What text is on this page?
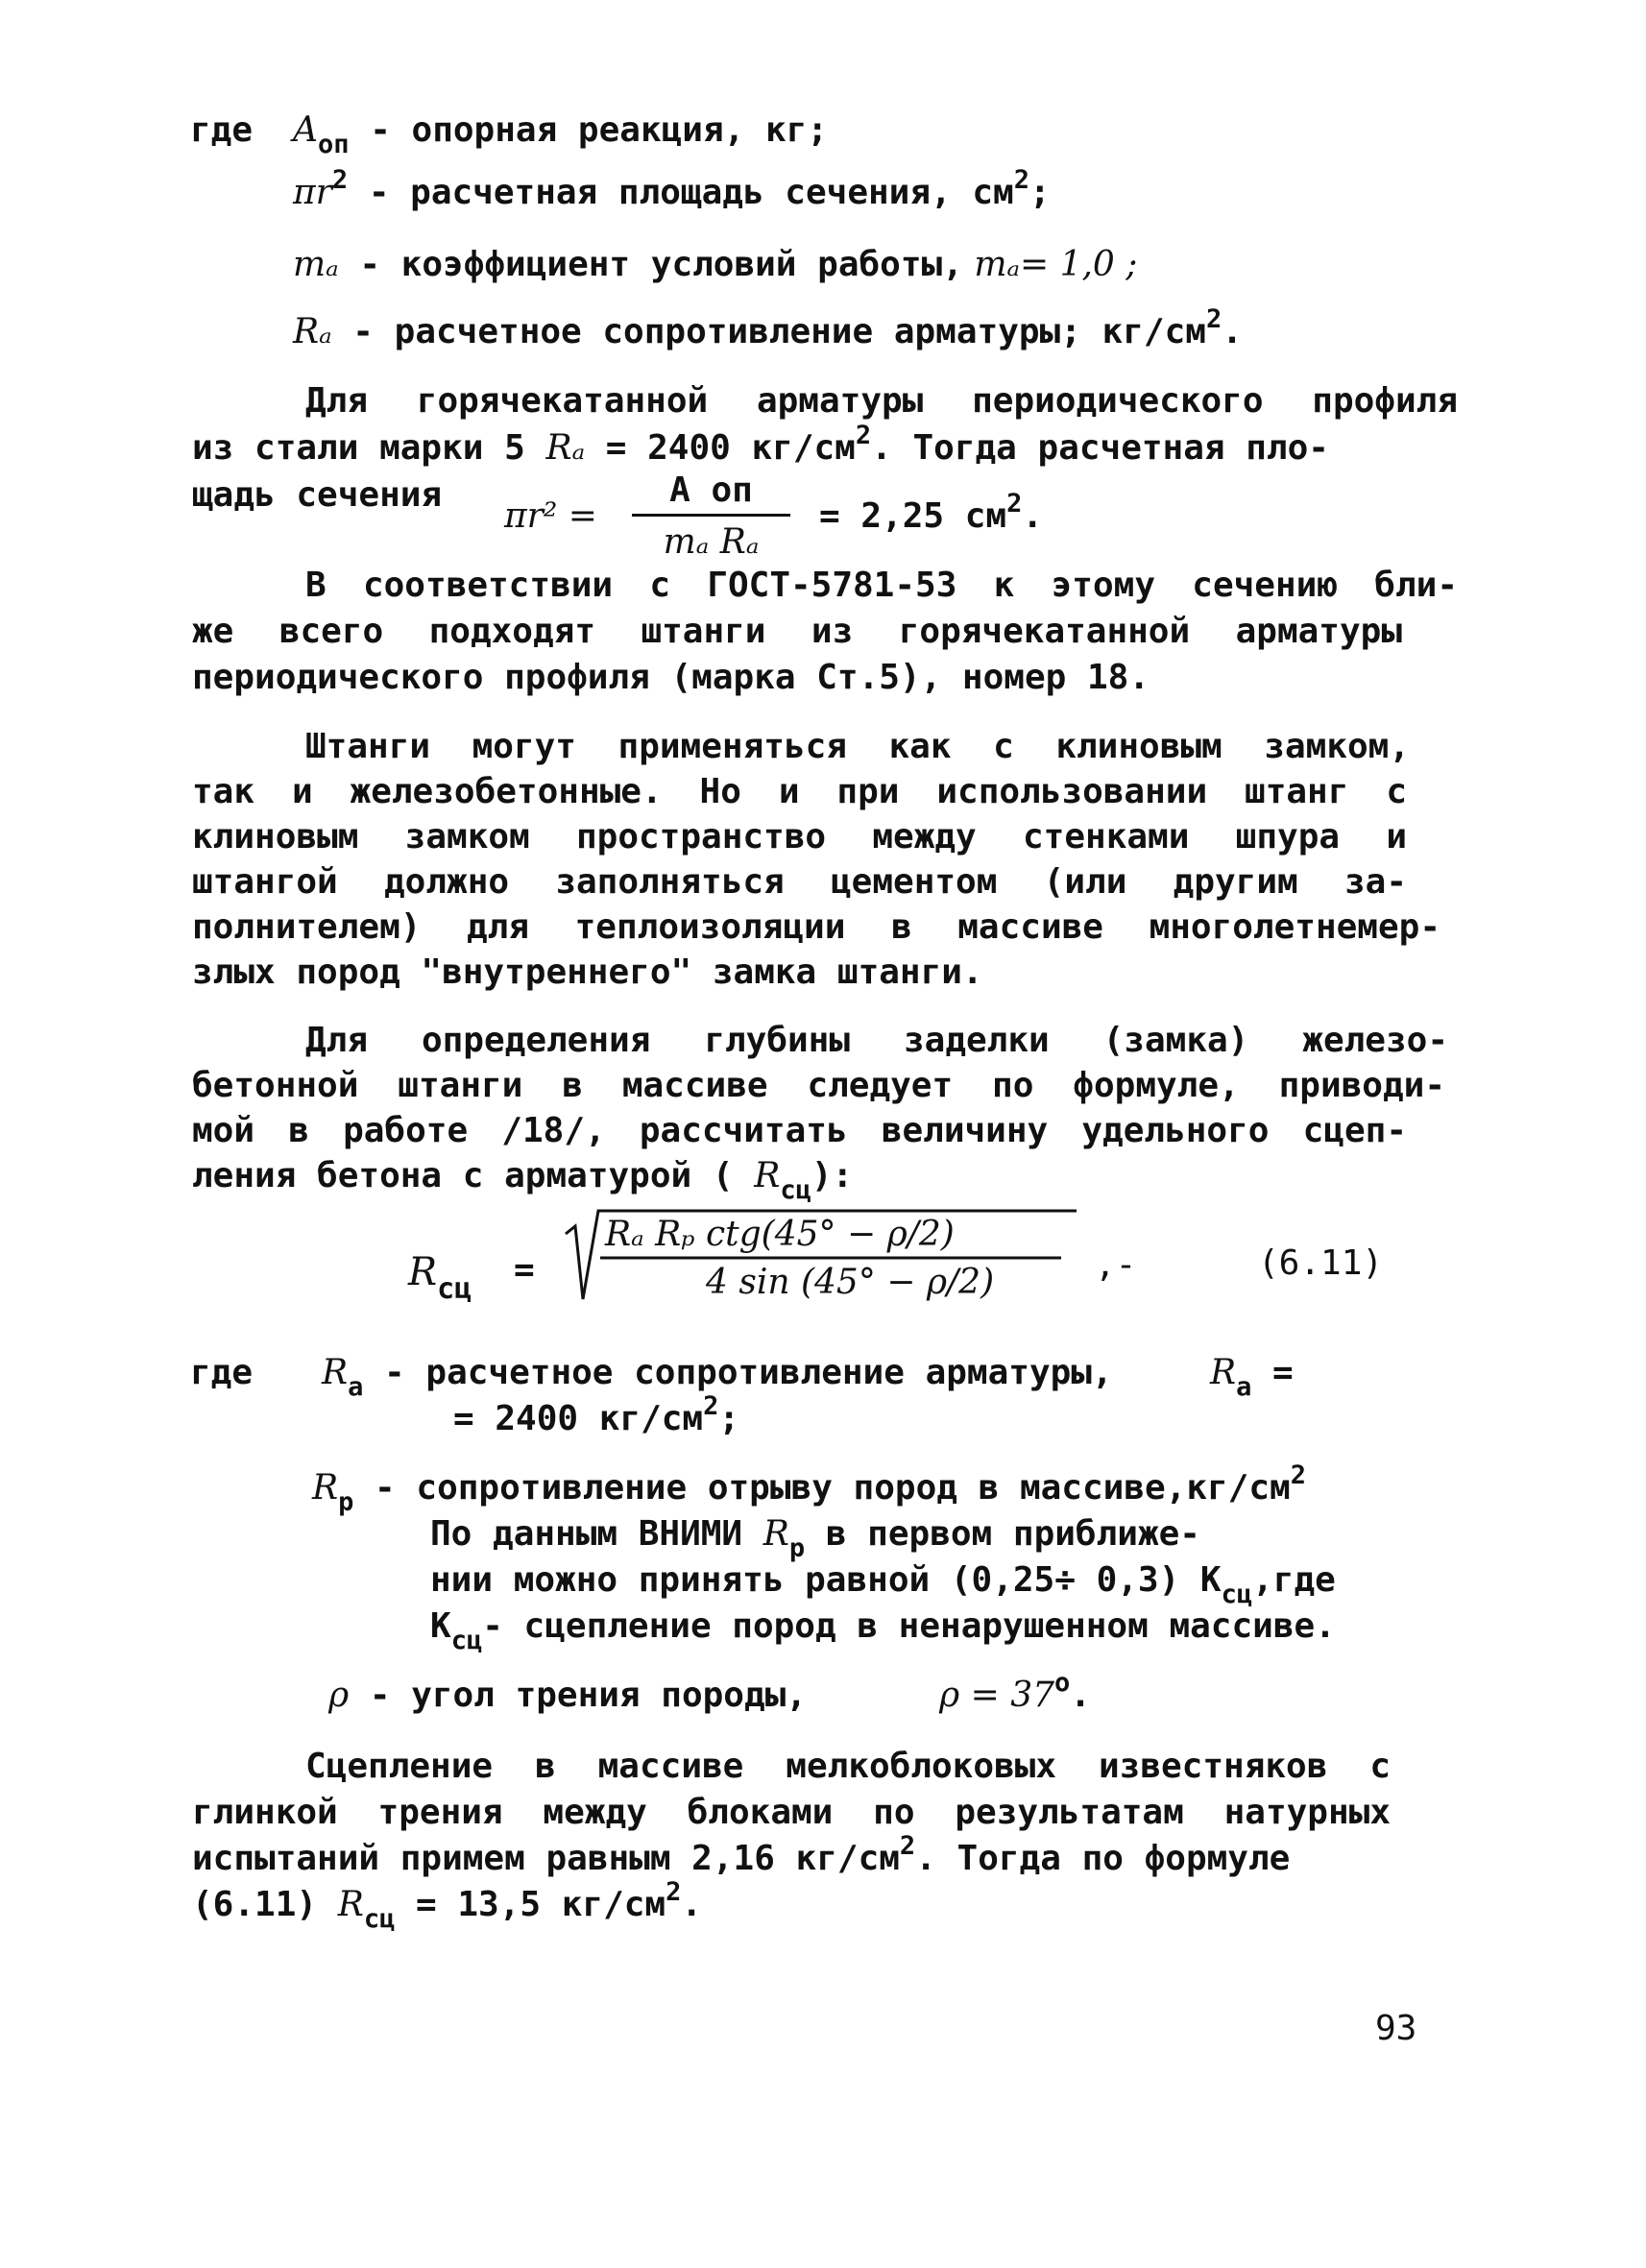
где $A_{оп}$ - опорная реакция, кг;
$\pi r^2$ - расчетная площадь сечения, $см^2$;
mₐ - коэффициент условий работы, mₐ= 1,0 ;
Rₐ - расчетное сопротивление арматуры; $кг/см^2$.
Для горячекатанной арматуры периодического профиля
из стали марки 5 Rₐ = 2400 $кг/см^2$. Тогда расчетная пло-
щадь сечения
πr² =
A оп
mₐ Rₐ
= 2,25 $см^2$.
В соответствии с ГОСТ-5781-53 к этому сечению бли-
же всего подходят штанги из горячекатанной арматуры
периодического профиля (марка Ст.5), номер 18.
Штанги могут применяться как с клиновым замком,
так и железобетонные. Но и при использовании штанг с
клиновым замком пространство между стенками шпура и
штангой должно заполняться цементом (или другим за-
полнителем) для теплоизоляции в массиве многолетнемер-
злых пород "внутреннего" замка штанги.
Для определения глубины заделки (замка) железо-
бетонной штанги в массиве следует по формуле, приводи-
мой в работе /18/, рассчитать величину удельного сцеп-
ления бетона с арматурой ( $R_{сц}$):
$R_{сц}$ =
Rₐ Rₚ ctg(45° − ρ/2)
4 sin (45° − ρ/2)	,-	(6.11)
где $R_a$ - расчетное сопротивление арматуры,	$R_a$ =
= 2400 $кг/см^2$;
$R_p$ - сопротивление отрыву пород в $массиве,кг/см^2$
По данным ВНИМИ $R_p$ в первом приближе-
нии можно принять равной (0,25÷ 0,3) $K_{сц},где$
$K_{сц}-$ сцепление пород в ненарушенном массиве.
ρ - угол трения породы,	$\rho = 37^o$.
Сцепление в массиве мелкоблоковых известняков с
глинкой трения между блоками по результатам натурных
испытаний примем равным 2,16 $кг/см^2$. Тогда по формуле
(6.11) $R_{сц} = 13,5$ $кг/см^2$.
93
